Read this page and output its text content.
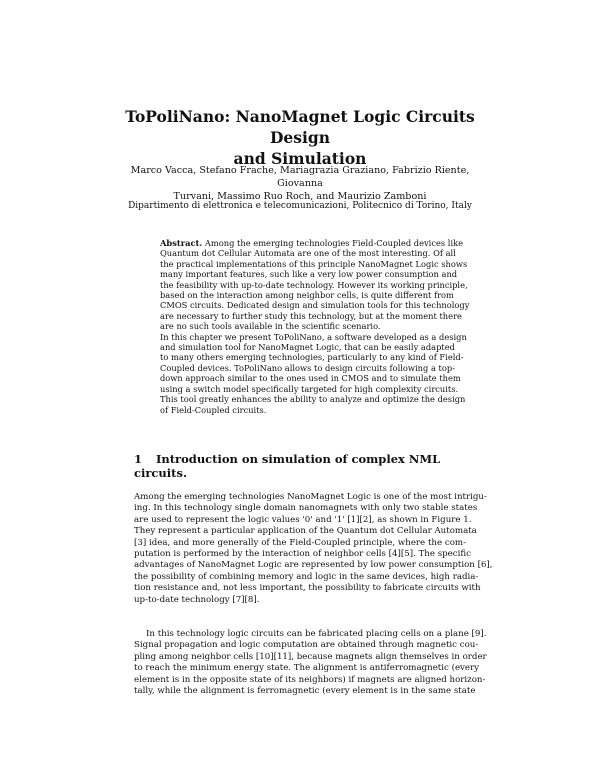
ToPoliNano: NanoMagnet Logic Circuits Design
and Simulation
Marco Vacca, Stefano Frache, Mariagrazia Graziano, Fabrizio Riente, Giovanna
Turvani, Massimo Ruo Roch, and Maurizio Zamboni
Dipartimento di elettronica e telecomunicazioni, Politecnico di Torino, Italy
Abstract. Among the emerging technologies Field-Coupled devices like
Quantum dot Cellular Automata are one of the most interesting. Of all
the practical implementations of this principle NanoMagnet Logic shows
many important features, such like a very low power consumption and
the feasibility with up-to-date technology. However its working principle,
based on the interaction among neighbor cells, is quite different from
CMOS circuits. Dedicated design and simulation tools for this technology
are necessary to further study this technology, but at the moment there
are no such tools available in the scientific scenario.
In this chapter we present ToPoliNano, a software developed as a design
and simulation tool for NanoMagnet Logic, that can be easily adapted
to many others emerging technologies, particularly to any kind of Field-
Coupled devices. ToPoliNano allows to design circuits following a top-
down approach similar to the ones used in CMOS and to simulate them
using a switch model specifically targeted for high complexity circuits.
This tool greatly enhances the ability to analyze and optimize the design
of Field-Coupled circuits.
1 Introduction on simulation of complex NML circuits.
Among the emerging technologies NanoMagnet Logic is one of the most intrigu-
ing. In this technology single domain nanomagnets with only two stable states
are used to represent the logic values '0' and '1' [1][2], as shown in Figure 1.
They represent a particular application of the Quantum dot Cellular Automata
[3] idea, and more generally of the Field-Coupled principle, where the com-
putation is performed by the interaction of neighbor cells [4][5]. The specific
advantages of NanoMagnet Logic are represented by low power consumption [6],
the possibility of combining memory and logic in the same devices, high radia-
tion resistance and, not less important, the possibility to fabricate circuits with
up-to-date technology [7][8].
In this technology logic circuits can be fabricated placing cells on a plane [9].
Signal propagation and logic computation are obtained through magnetic cou-
pling among neighbor cells [10][11], because magnets align themselves in order
to reach the minimum energy state. The alignment is antiferromagnetic (every
element is in the opposite state of its neighbors) if magnets are aligned horizon-
tally, while the alignment is ferromagnetic (every element is in the same state
